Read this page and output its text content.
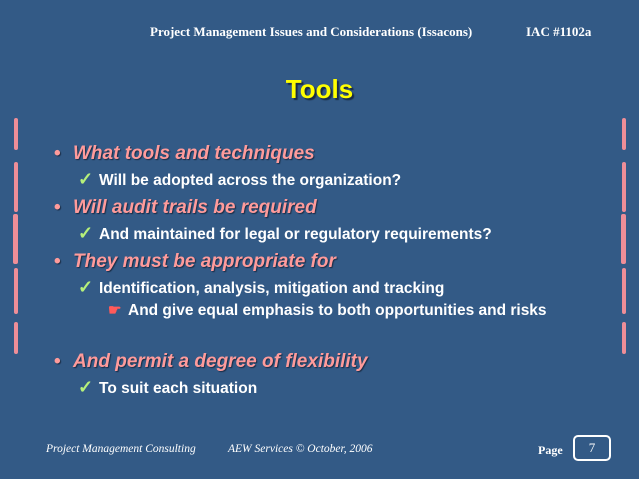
Project Management Issues and Considerations (Issacons)	IAC #1102a
Tools
• What tools and techniques
✓ Will be adopted across the organization?
• Will audit trails be required
✓ And maintained for legal or regulatory requirements?
• They must be appropriate for
✓ Identification, analysis, mitigation and tracking
☛ And give equal emphasis to both opportunities and risks
• And permit a degree of flexibility
✓ To suit each situation
Project Management Consulting	AEW Services © October, 2006	Page	7
